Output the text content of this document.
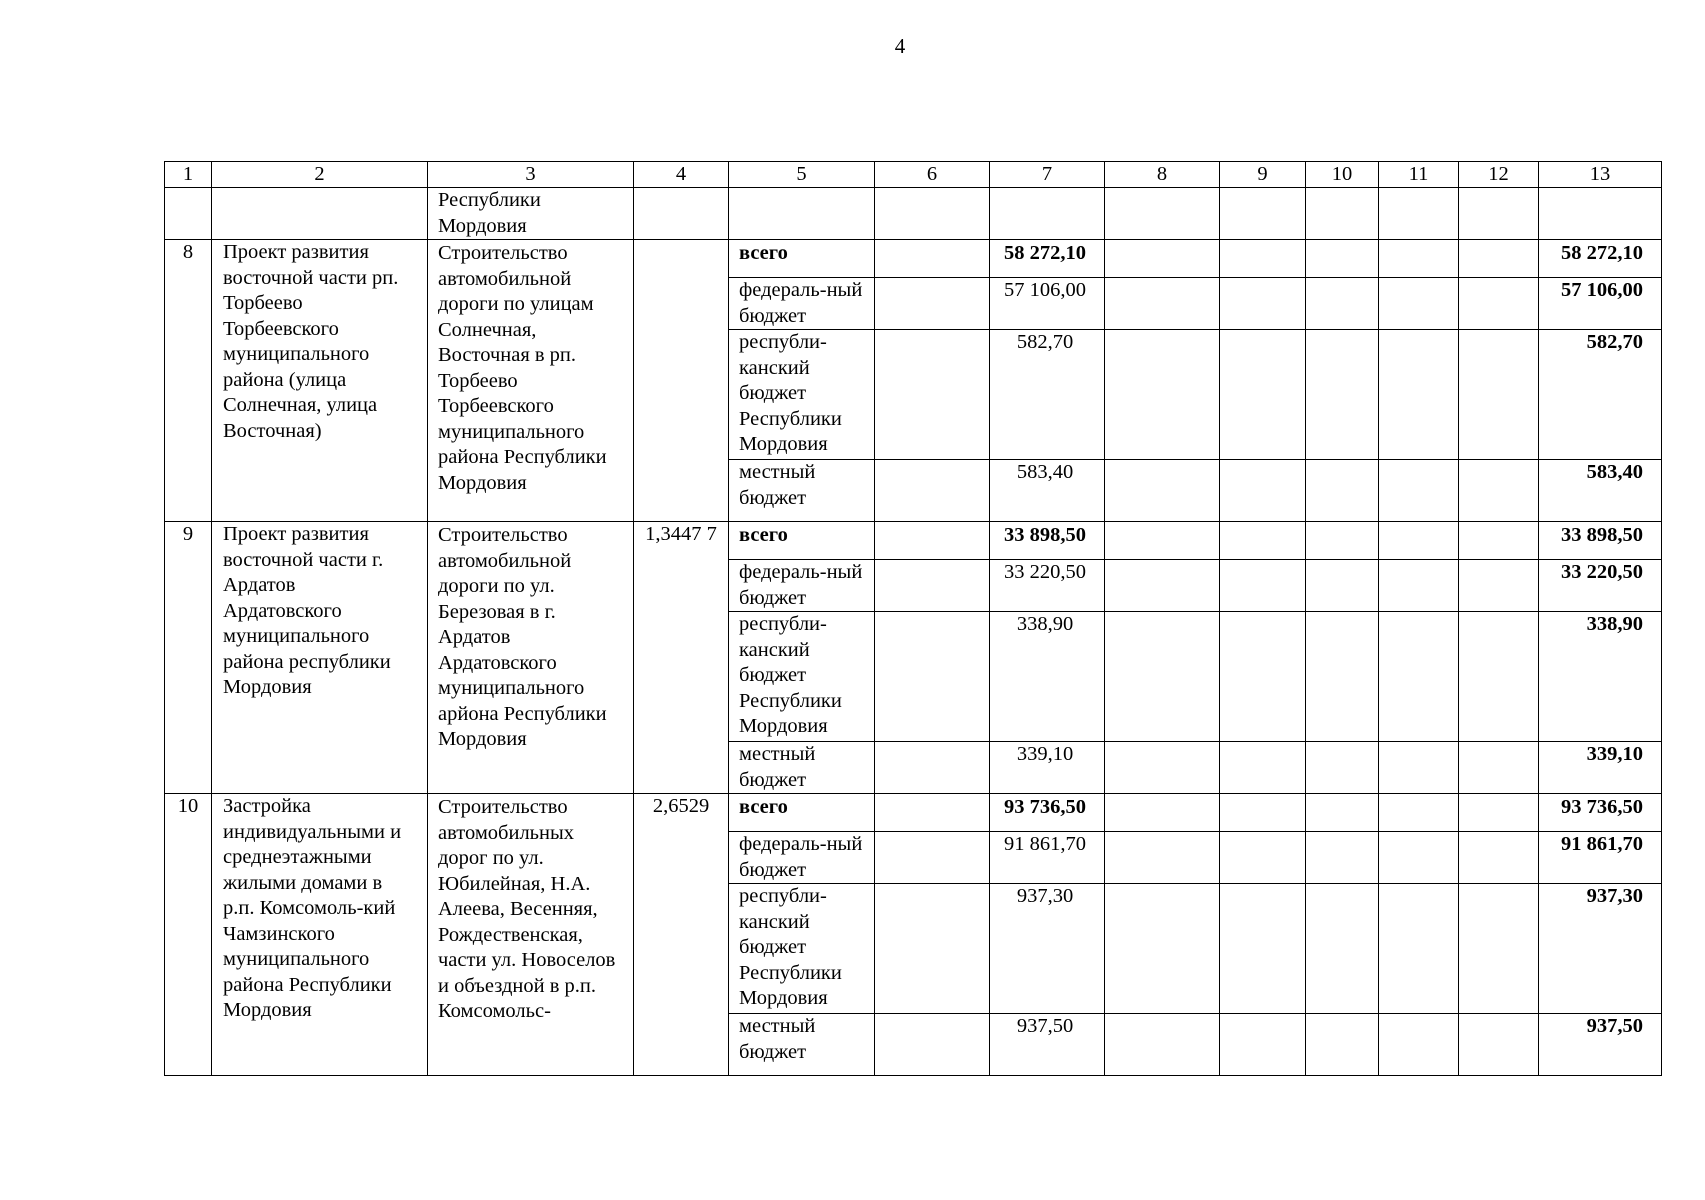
4
1	2	3	4	5	6	7	8	9	10	11	12	13
		Республики Мордовия										
8	Проект развития восточной части рп. Торбеево Торбеевского муниципального района (улица Солнечная, улица Восточная)	Строительство автомобильной дороги по улицам Солнечная, Восточная в рп. Торбеево Торбеевского муниципального района Республики Мордовия		всего		58 272,10						58 272,10
				федераль-ный бюджет		57 106,00						57 106,00
				республи-канский бюджет Республики Мордовия		582,70						582,70
				местный бюджет		583,40						583,40
9	Проект развития восточной части г. Ардатов Ардатовского муниципального района республики Мордовия	Строительство автомобильной дороги по ул. Березовая в г. Ардатов Ардатовского муниципального арйона Республики Мордовия	1,3447 7	всего		33 898,50						33 898,50
				федераль-ный бюджет		33 220,50						33 220,50
				республи-канский бюджет Республики Мордовия		338,90						338,90
				местный бюджет		339,10						339,10
10	Застройка индивидуальными и среднеэтажными жилыми домами в р.п. Комсомоль-кий Чамзинского муниципального района Республики Мордовия	Строительство автомобильных дорог по ул. Юбилейная, Н.А. Алеева, Весенняя, Рождественская, части ул. Новоселов и объездной в р.п. Комсомольс-	2,6529	всего		93 736,50						93 736,50
				федераль-ный бюджет		91 861,70						91 861,70
				республи-канский бюджет Республики Мордовия		937,30						937,30
				местный бюджет		937,50						937,50
